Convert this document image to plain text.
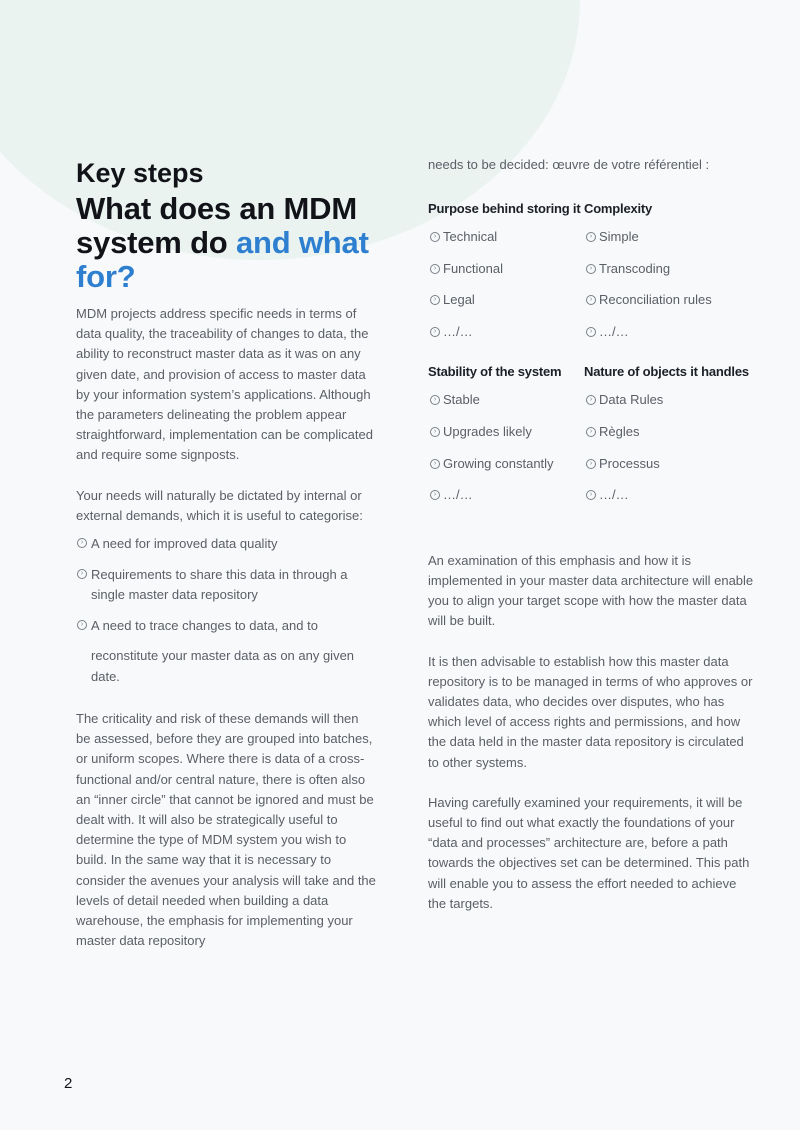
Key steps
What does an MDM system do and what for?

MDM projects address specific needs in terms of data quality, the traceability of changes to data, the ability to reconstruct master data as it was on any given date, and provision of access to master data by your information system’s applications. Although the parameters delineating the problem appear straightforward, implementation can be complicated and require some signposts.

Your needs will naturally be dictated by internal or external demands, which it is useful to categorise:

› A need for improved data quality
› Requirements to share this data in through a single master data repository
› A need to trace changes to data, and to
reconstitute your master data as on any given date.

The criticality and risk of these demands will then be assessed, before they are grouped into batches, or uniform scopes. Where there is data of a cross-functional and/or central nature, there is often also an “inner circle” that cannot be ignored and must be dealt with. It will also be strategically useful to determine the type of MDM system you wish to build. In the same way that it is necessary to consider the avenues your analysis will take and the levels of detail needed when building a data warehouse, the emphasis for implementing your master data repository

needs to be decided: œuvre de votre référentiel :

Purpose behind storing it
› Technical
› Functional
› Legal
› …/…
Complexity
› Simple
› Transcoding
› Reconciliation rules
› …/…
Stability of the system
› Stable
› Upgrades likely
› Growing constantly
› …/…
Nature of objects it handles
› Data Rules
› Règles
› Processus
› …/…

An examination of this emphasis and how it is implemented in your master data architecture will enable you to align your target scope with how the master data will be built.

It is then advisable to establish how this master data repository is to be managed in terms of who approves or validates data, who decides over disputes, who has which level of access rights and permissions, and how the data held in the master data repository is circulated to other systems.

Having carefully examined your requirements, it will be useful to find out what exactly the foundations of your “data and processes” architecture are, before a path towards the objectives set can be determined. This path will enable you to assess the effort needed to achieve the targets.

2
